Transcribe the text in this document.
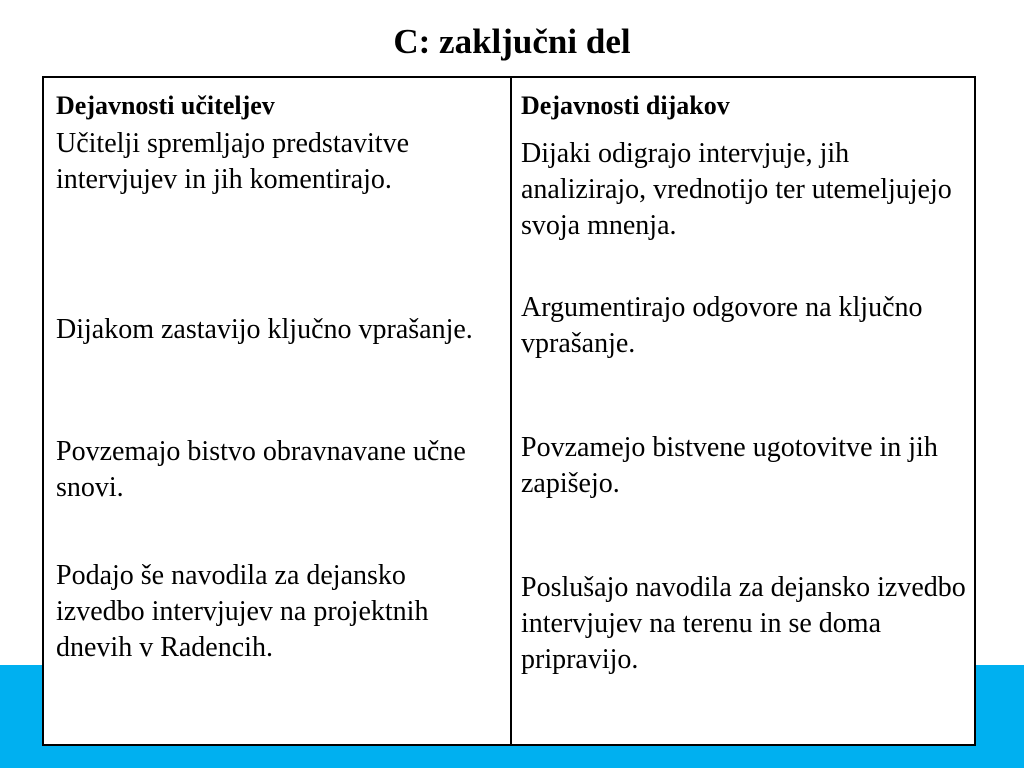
C: zaključni del
Dejavnosti učiteljev

Učitelji spremljajo predstavitve intervjujev in jih komentirajo.

Dijakom zastavijo ključno vprašanje.

Povzemajo bistvo obravnavane učne snovi.

Podajo še navodila za dejansko izvedbo intervjujev na projektnih dnevih v Radencih.

Dejavnosti dijakov

Dijaki odigrajo intervjuje, jih analizirajo, vrednotijo ter utemeljujejo svoja mnenja.

Argumentirajo odgovore na ključno vprašanje.

Povzamejo bistvene ugotovitve in jih zapišejo.

Poslušajo navodila za dejansko izvedbo intervjujev na terenu in se doma pripravijo.
